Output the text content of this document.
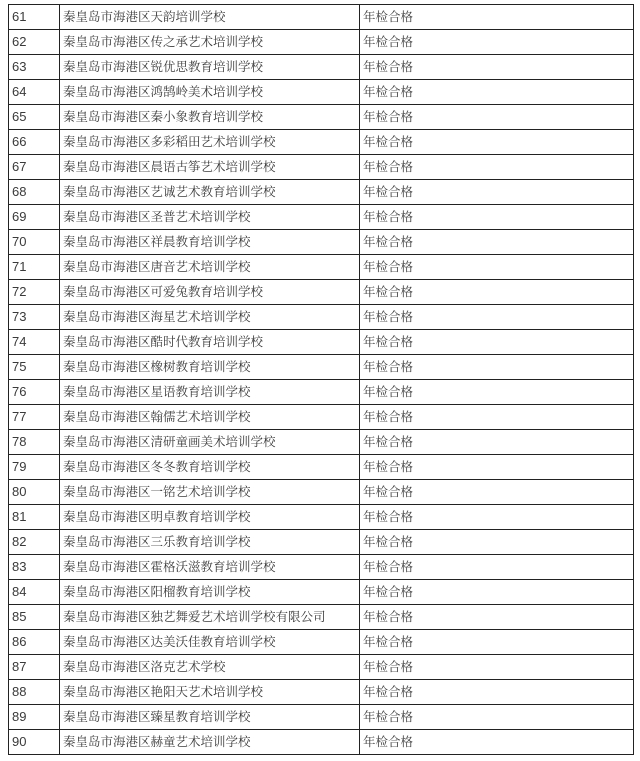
61	秦皇岛市海港区天韵培训学校	年检合格
62	秦皇岛市海港区传之承艺术培训学校	年检合格
63	秦皇岛市海港区锐优思教育培训学校	年检合格
64	秦皇岛市海港区鸿鹄岭美术培训学校	年检合格
65	秦皇岛市海港区秦小象教育培训学校	年检合格
66	秦皇岛市海港区多彩稻田艺术培训学校	年检合格
67	秦皇岛市海港区晨语古筝艺术培训学校	年检合格
68	秦皇岛市海港区艺诚艺术教育培训学校	年检合格
69	秦皇岛市海港区圣普艺术培训学校	年检合格
70	秦皇岛市海港区祥晨教育培训学校	年检合格
71	秦皇岛市海港区唐音艺术培训学校	年检合格
72	秦皇岛市海港区可爱兔教育培训学校	年检合格
73	秦皇岛市海港区海星艺术培训学校	年检合格
74	秦皇岛市海港区酷时代教育培训学校	年检合格
75	秦皇岛市海港区橡树教育培训学校	年检合格
76	秦皇岛市海港区星语教育培训学校	年检合格
77	秦皇岛市海港区翰儒艺术培训学校	年检合格
78	秦皇岛市海港区清研童画美术培训学校	年检合格
79	秦皇岛市海港区冬冬教育培训学校	年检合格
80	秦皇岛市海港区一铭艺术培训学校	年检合格
81	秦皇岛市海港区明卓教育培训学校	年检合格
82	秦皇岛市海港区三乐教育培训学校	年检合格
83	秦皇岛市海港区霍格沃滋教育培训学校	年检合格
84	秦皇岛市海港区阳榴教育培训学校	年检合格
85	秦皇岛市海港区独艺舞爱艺术培训学校有限公司	年检合格
86	秦皇岛市海港区达美沃佳教育培训学校	年检合格
87	秦皇岛市海港区洛克艺术学校	年检合格
88	秦皇岛市海港区艳阳天艺术培训学校	年检合格
89	秦皇岛市海港区臻星教育培训学校	年检合格
90	秦皇岛市海港区赫童艺术培训学校	年检合格
